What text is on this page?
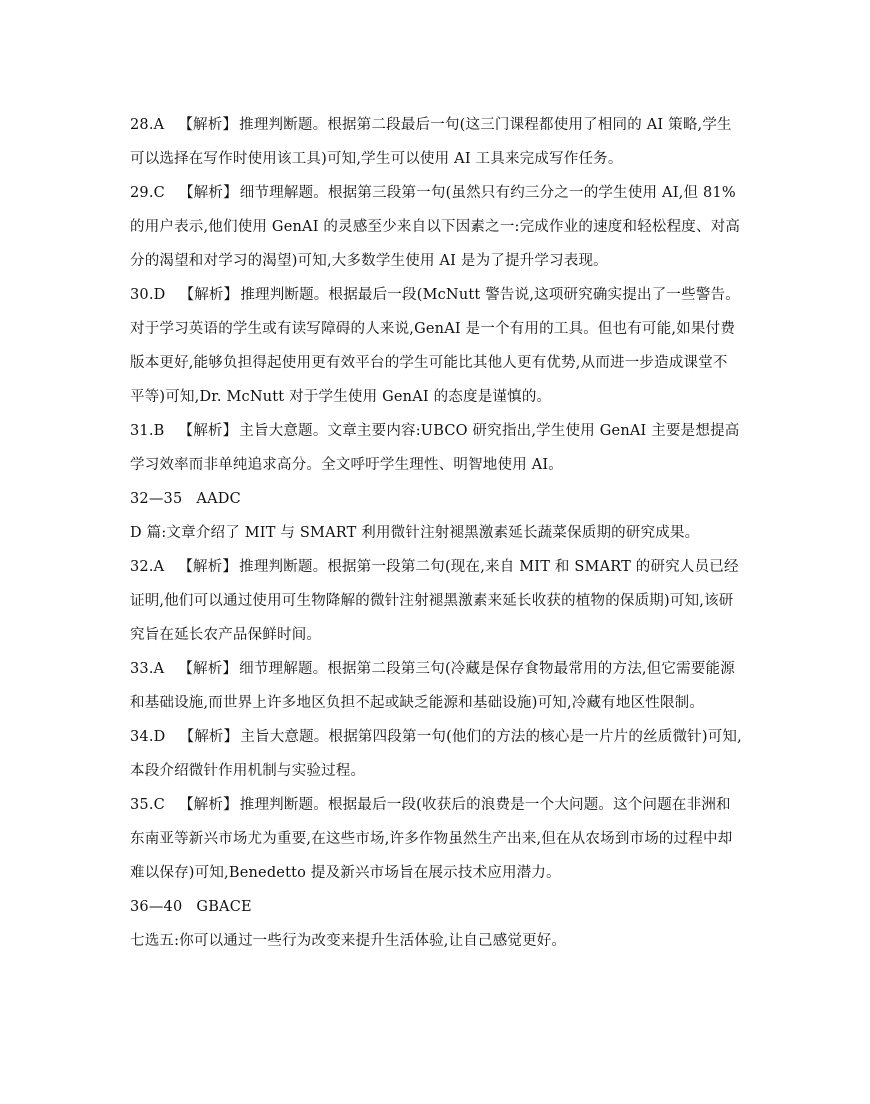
28.A 【解析】 推理判断题。根据第二段最后一句(这三门课程都使用了相同的 AI 策略,学生可以选择在写作时使用该工具)可知,学生可以使用 AI 工具来完成写作任务。

29.C 【解析】 细节理解题。根据第三段第一句(虽然只有约三分之一的学生使用 AI,但 81%的用户表示,他们使用 GenAI 的灵感至少来自以下因素之一:完成作业的速度和轻松程度、对高分的渴望和对学习的渴望)可知,大多数学生使用 AI 是为了提升学习表现。

30.D 【解析】 推理判断题。根据最后一段(McNutt 警告说,这项研究确实提出了一些警告。对于学习英语的学生或有读写障碍的人来说,GenAI 是一个有用的工具。但也有可能,如果付费版本更好,能够负担得起使用更有效平台的学生可能比其他人更有优势,从而进一步造成课堂不平等)可知,Dr. McNutt 对于学生使用 GenAI 的态度是谨慎的。

31.B 【解析】 主旨大意题。文章主要内容:UBCO 研究指出,学生使用 GenAI 主要是想提高学习效率而非单纯追求高分。全文呼吁学生理性、明智地使用 AI。

32—35 AADC

D 篇:文章介绍了 MIT 与 SMART 利用微针注射褪黑激素延长蔬菜保质期的研究成果。

32.A 【解析】 推理判断题。根据第一段第二句(现在,来自 MIT 和 SMART 的研究人员已经证明,他们可以通过使用可生物降解的微针注射褪黑激素来延长收获的植物的保质期)可知,该研究旨在延长农产品保鲜时间。

33.A 【解析】 细节理解题。根据第二段第三句(冷藏是保存食物最常用的方法,但它需要能源和基础设施,而世界上许多地区负担不起或缺乏能源和基础设施)可知,冷藏有地区性限制。

34.D 【解析】 主旨大意题。根据第四段第一句(他们的方法的核心是一片片的丝质微针)可知,本段介绍微针作用机制与实验过程。

35.C 【解析】 推理判断题。根据最后一段(收获后的浪费是一个大问题。这个问题在非洲和东南亚等新兴市场尤为重要,在这些市场,许多作物虽然生产出来,但在从农场到市场的过程中却难以保存)可知,Benedetto 提及新兴市场旨在展示技术应用潜力。

36—40 GBACE

七选五:你可以通过一些行为改变来提升生活体验,让自己感觉更好。
